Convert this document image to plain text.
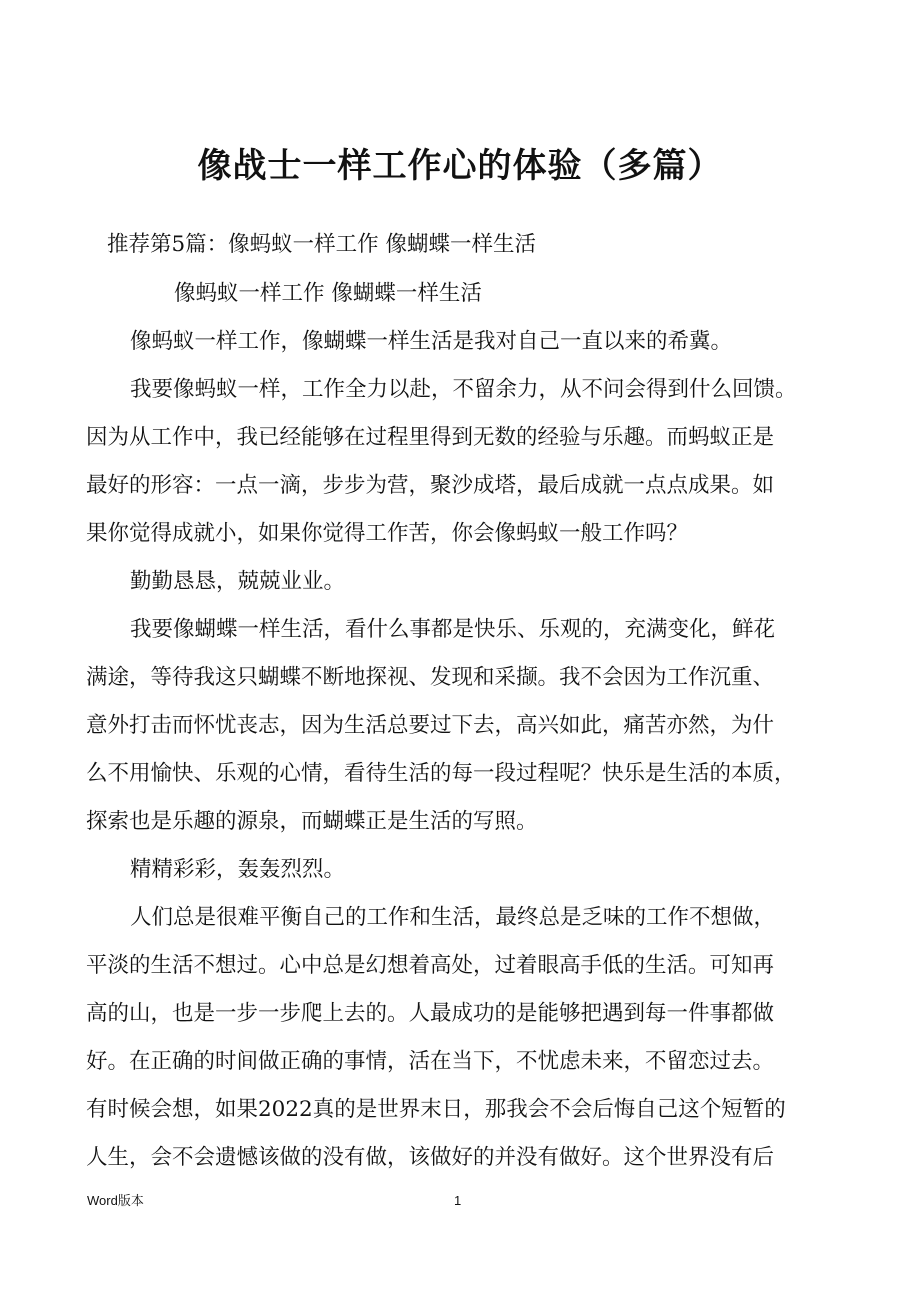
像战士一样工作心的体验（多篇）
推荐第5篇：像蚂蚁一样工作 像蝴蝶一样生活
像蚂蚁一样工作 像蝴蝶一样生活
像蚂蚁一样工作，像蝴蝶一样生活是我对自己一直以来的希冀。
我要像蚂蚁一样，工作全力以赴，不留余力，从不问会得到什么回馈。
因为从工作中，我已经能够在过程里得到无数的经验与乐趣。而蚂蚁正是
最好的形容：一点一滴，步步为营，聚沙成塔，最后成就一点点成果。如
果你觉得成就小，如果你觉得工作苦，你会像蚂蚁一般工作吗？
勤勤恳恳，兢兢业业。
我要像蝴蝶一样生活，看什么事都是快乐、乐观的，充满变化，鲜花
满途，等待我这只蝴蝶不断地探视、发现和采撷。我不会因为工作沉重、
意外打击而怀忧丧志，因为生活总要过下去，高兴如此，痛苦亦然，为什
么不用愉快、乐观的心情，看待生活的每一段过程呢？快乐是生活的本质，
探索也是乐趣的源泉，而蝴蝶正是生活的写照。
精精彩彩，轰轰烈烈。
人们总是很难平衡自己的工作和生活，最终总是乏味的工作不想做，
平淡的生活不想过。心中总是幻想着高处，过着眼高手低的生活。可知再
高的山，也是一步一步爬上去的。人最成功的是能够把遇到每一件事都做
好。在正确的时间做正确的事情，活在当下，不忧虑未来，不留恋过去。
有时候会想，如果2022真的是世界末日，那我会不会后悔自己这个短暂的
人生，会不会遗憾该做的没有做，该做好的并没有做好。这个世界没有后
Word版本	1
